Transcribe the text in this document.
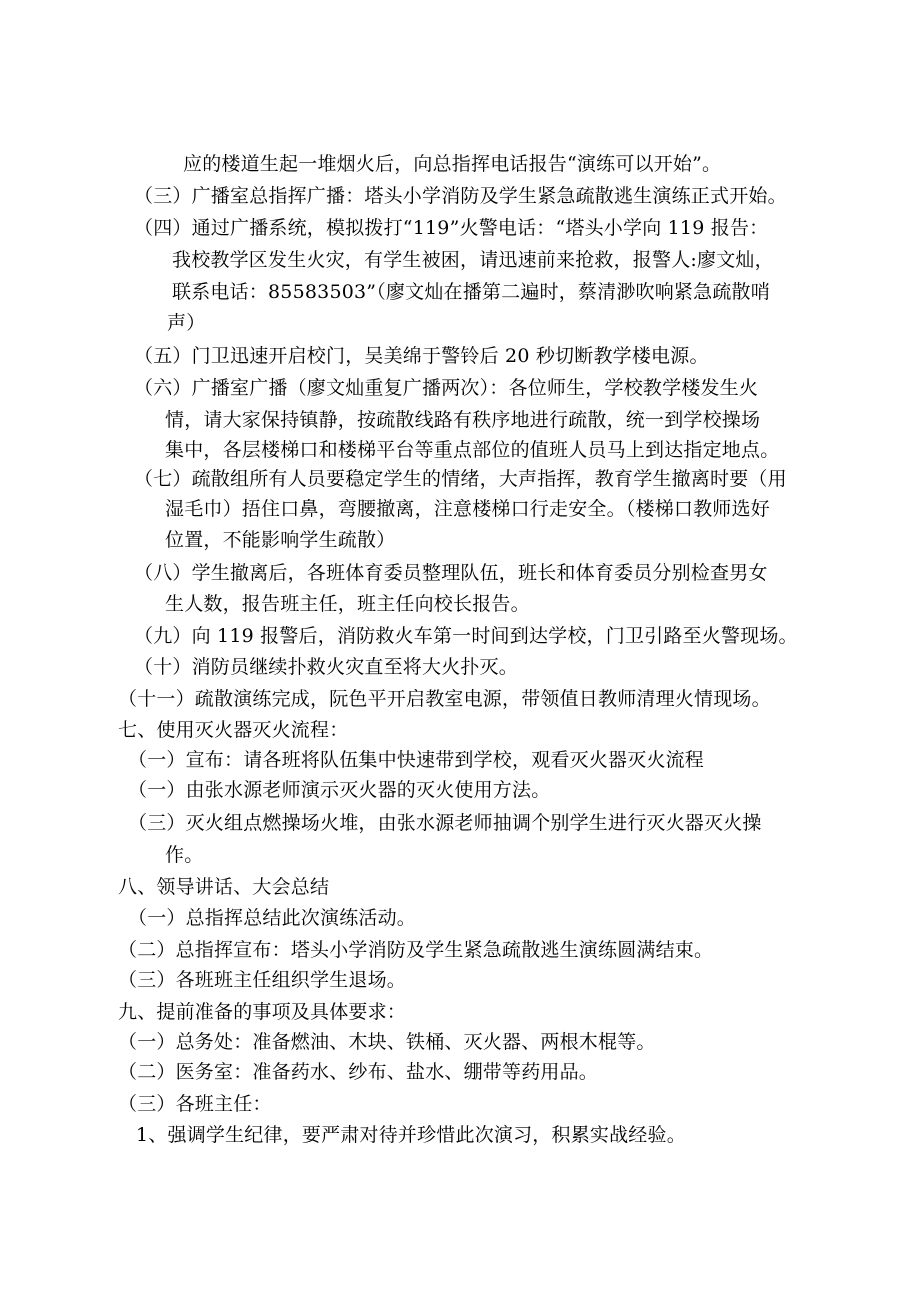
应的楼道生起一堆烟火后，向总指挥电话报告“演练可以开始”。
（三）广播室总指挥广播：塔头小学消防及学生紧急疏散逃生演练正式开始。
（四）通过广播系统，模拟拨打“119”火警电话：“塔头小学向 119 报告：
我校教学区发生火灾，有学生被困，请迅速前来抢救，报警人:廖文灿，
联系电话：85583503”（廖文灿在播第二遍时，蔡清渺吹响紧急疏散哨
声）
（五）门卫迅速开启校门，吴美绵于警铃后 20 秒切断教学楼电源。
（六）广播室广播（廖文灿重复广播两次）：各位师生，学校教学楼发生火
情，请大家保持镇静，按疏散线路有秩序地进行疏散，统一到学校操场
集中，各层楼梯口和楼梯平台等重点部位的值班人员马上到达指定地点。
（七）疏散组所有人员要稳定学生的情绪，大声指挥，教育学生撤离时要（用
湿毛巾）捂住口鼻，弯腰撤离，注意楼梯口行走安全。（楼梯口教师选好
位置，不能影响学生疏散）
（八）学生撤离后，各班体育委员整理队伍，班长和体育委员分别检查男女
生人数，报告班主任，班主任向校长报告。
（九）向 119 报警后，消防救火车第一时间到达学校，门卫引路至火警现场。
（十）消防员继续扑救火灾直至将大火扑灭。
（十一）疏散演练完成，阮色平开启教室电源，带领值日教师清理火情现场。
七、使用灭火器灭火流程：
（一）宣布：请各班将队伍集中快速带到学校，观看灭火器灭火流程
（一）由张水源老师演示灭火器的灭火使用方法。
（三）灭火组点燃操场火堆，由张水源老师抽调个别学生进行灭火器灭火操
作。
八、领导讲话、大会总结
（一）总指挥总结此次演练活动。
（二）总指挥宣布：塔头小学消防及学生紧急疏散逃生演练圆满结束。
（三）各班班主任组织学生退场。
九、提前准备的事项及具体要求：
（一）总务处：准备燃油、木块、铁桶、灭火器、两根木棍等。
（二）医务室：准备药水、纱布、盐水、绷带等药用品。
（三）各班主任：
1、强调学生纪律，要严肃对待并珍惜此次演习，积累实战经验。
